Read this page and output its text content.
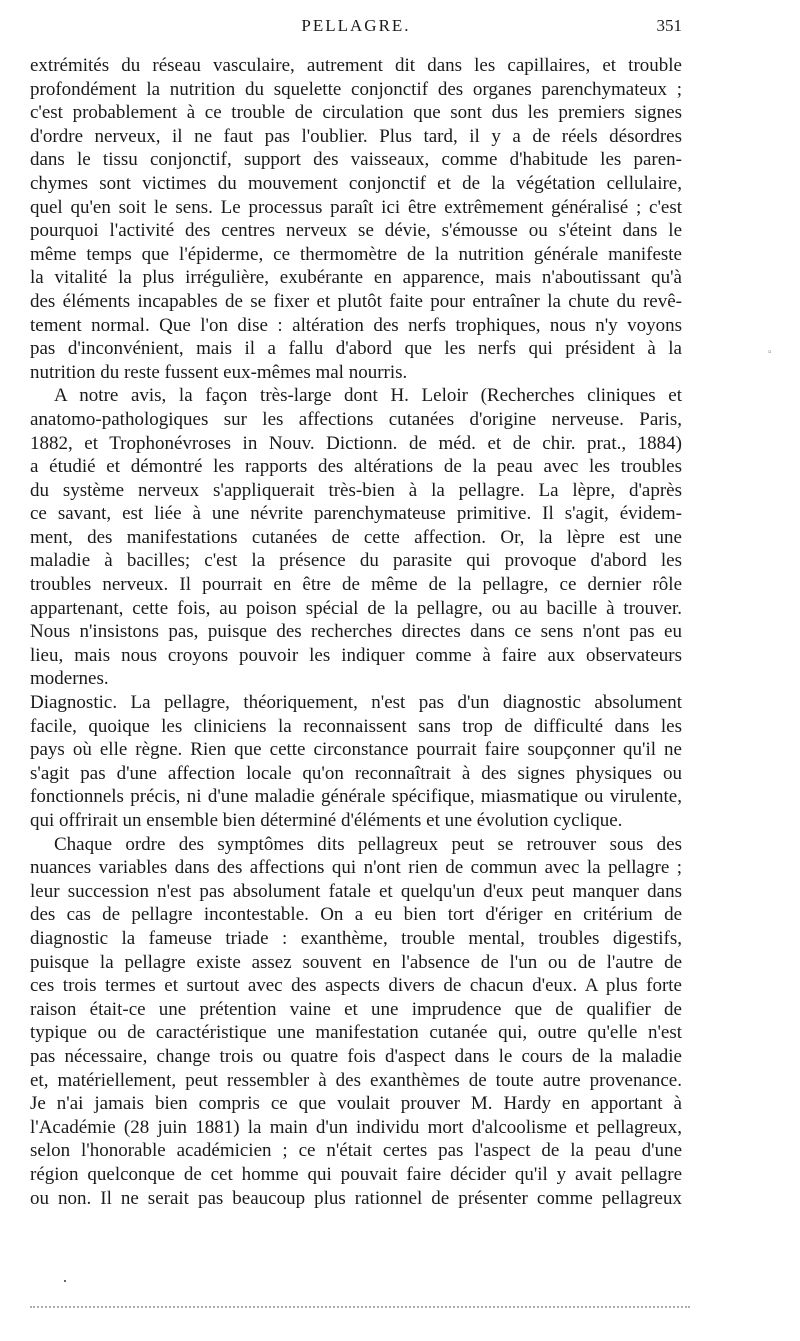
PELLAGRE.	351
extrémités du réseau vasculaire, autrement dit dans les capillaires, et trouble
profondément la nutrition du squelette conjonctif des organes parenchymateux ;
c'est probablement à ce trouble de circulation que sont dus les premiers signes
d'ordre nerveux, il ne faut pas l'oublier. Plus tard, il y a de réels désordres
dans le tissu conjonctif, support des vaisseaux, comme d'habitude les paren-
chymes sont victimes du mouvement conjonctif et de la végétation cellulaire,
quel qu'en soit le sens. Le processus paraît ici être extrêmement généralisé ; c'est
pourquoi l'activité des centres nerveux se dévie, s'émousse ou s'éteint dans le
même temps que l'épiderme, ce thermomètre de la nutrition générale manifeste
la vitalité la plus irrégulière, exubérante en apparence, mais n'aboutissant qu'à
des éléments incapables de se fixer et plutôt faite pour entraîner la chute du revê-
tement normal. Que l'on dise : altération des nerfs trophiques, nous n'y voyons
pas d'inconvénient, mais il a fallu d'abord que les nerfs qui président à la
nutrition du reste fussent eux-mêmes mal nourris.
A notre avis, la façon très-large dont H. Leloir (Recherches cliniques et
anatomo-pathologiques sur les affections cutanées d'origine nerveuse. Paris,
1882, et Trophonévroses in Nouv. Dictionn. de méd. et de chir. prat., 1884)
a étudié et démontré les rapports des altérations de la peau avec les troubles
du système nerveux s'appliquerait très-bien à la pellagre. La lèpre, d'après
ce savant, est liée à une névrite parenchymateuse primitive. Il s'agit, évidem-
ment, des manifestations cutanées de cette affection. Or, la lèpre est une
maladie à bacilles; c'est la présence du parasite qui provoque d'abord les
troubles nerveux. Il pourrait en être de même de la pellagre, ce dernier rôle
appartenant, cette fois, au poison spécial de la pellagre, ou au bacille à trouver.
Nous n'insistons pas, puisque des recherches directes dans ce sens n'ont pas eu
lieu, mais nous croyons pouvoir les indiquer comme à faire aux observateurs
modernes.
Diagnostic. La pellagre, théoriquement, n'est pas d'un diagnostic absolument
facile, quoique les cliniciens la reconnaissent sans trop de difficulté dans les
pays où elle règne. Rien que cette circonstance pourrait faire soupçonner qu'il ne
s'agit pas d'une affection locale qu'on reconnaîtrait à des signes physiques ou
fonctionnels précis, ni d'une maladie générale spécifique, miasmatique ou virulente,
qui offrirait un ensemble bien déterminé d'éléments et une évolution cyclique.
Chaque ordre des symptômes dits pellagreux peut se retrouver sous des
nuances variables dans des affections qui n'ont rien de commun avec la pellagre ;
leur succession n'est pas absolument fatale et quelqu'un d'eux peut manquer dans
des cas de pellagre incontestable. On a eu bien tort d'ériger en critérium de
diagnostic la fameuse triade : exanthème, trouble mental, troubles digestifs,
puisque la pellagre existe assez souvent en l'absence de l'un ou de l'autre de
ces trois termes et surtout avec des aspects divers de chacun d'eux. A plus forte
raison était-ce une prétention vaine et une imprudence que de qualifier de
typique ou de caractéristique une manifestation cutanée qui, outre qu'elle n'est
pas nécessaire, change trois ou quatre fois d'aspect dans le cours de la maladie
et, matériellement, peut ressembler à des exanthèmes de toute autre provenance.
Je n'ai jamais bien compris ce que voulait prouver M. Hardy en apportant à
l'Académie (28 juin 1881) la main d'un individu mort d'alcoolisme et pellagreux,
selon l'honorable académicien ; ce n'était certes pas l'aspect de la peau d'une
région quelconque de cet homme qui pouvait faire décider qu'il y avait pellagre
ou non. Il ne serait pas beaucoup plus rationnel de présenter comme pellagreux
▫
